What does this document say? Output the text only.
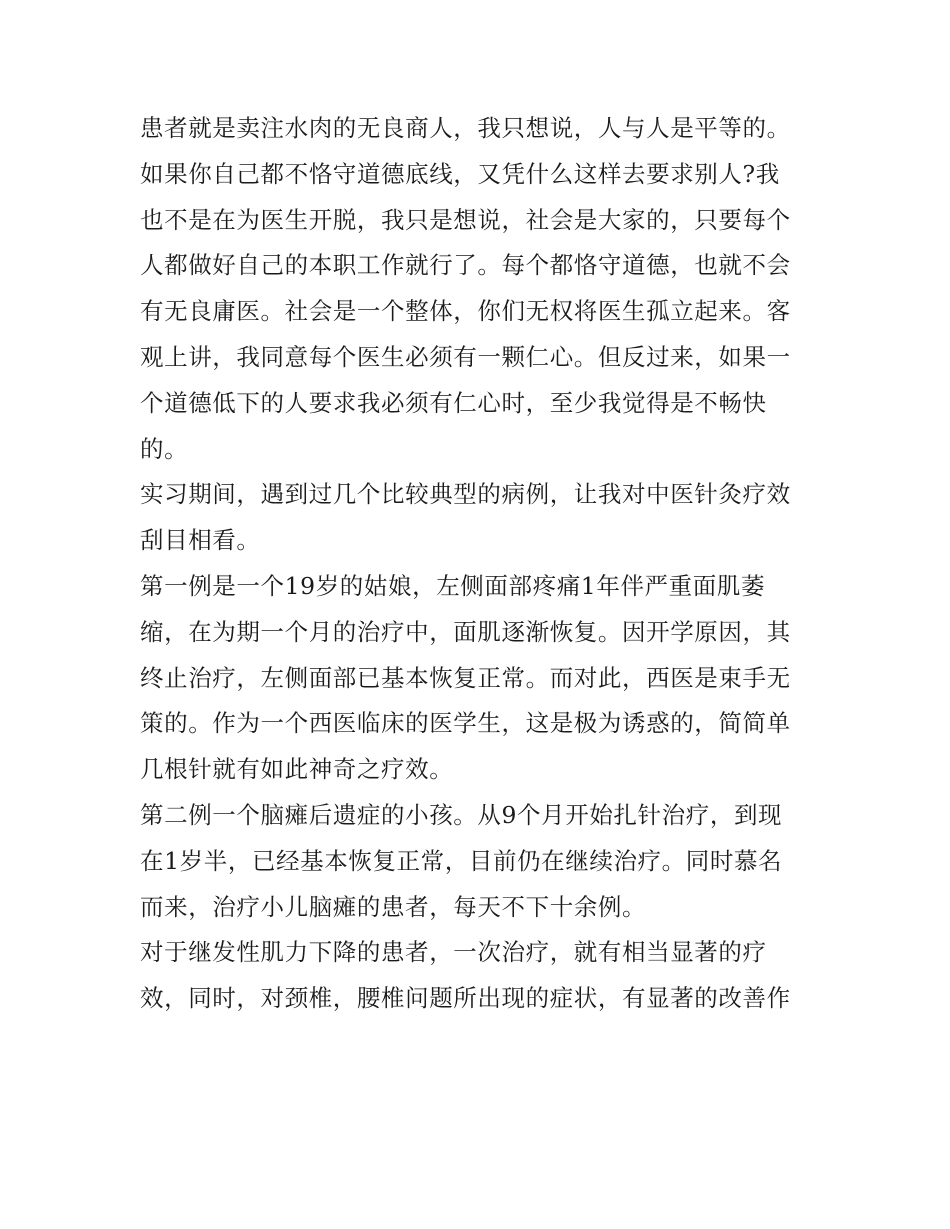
患者就是卖注水肉的无良商人，我只想说，人与人是平等的。
如果你自己都不恪守道德底线，又凭什么这样去要求别人?我
也不是在为医生开脱，我只是想说，社会是大家的，只要每个
人都做好自己的本职工作就行了。每个都恪守道德，也就不会
有无良庸医。社会是一个整体，你们无权将医生孤立起来。客
观上讲，我同意每个医生必须有一颗仁心。但反过来，如果一
个道德低下的人要求我必须有仁心时，至少我觉得是不畅快
的。
实习期间，遇到过几个比较典型的病例，让我对中医针灸疗效
刮目相看。
第一例是一个19岁的姑娘，左侧面部疼痛1年伴严重面肌萎
缩，在为期一个月的治疗中，面肌逐渐恢复。因开学原因，其
终止治疗，左侧面部已基本恢复正常。而对此，西医是束手无
策的。作为一个西医临床的医学生，这是极为诱惑的，简简单
几根针就有如此神奇之疗效。
第二例一个脑瘫后遗症的小孩。从9个月开始扎针治疗，到现
在1岁半，已经基本恢复正常，目前仍在继续治疗。同时慕名
而来，治疗小儿脑瘫的患者，每天不下十余例。
对于继发性肌力下降的患者，一次治疗，就有相当显著的疗
效，同时，对颈椎，腰椎问题所出现的症状，有显著的改善作
